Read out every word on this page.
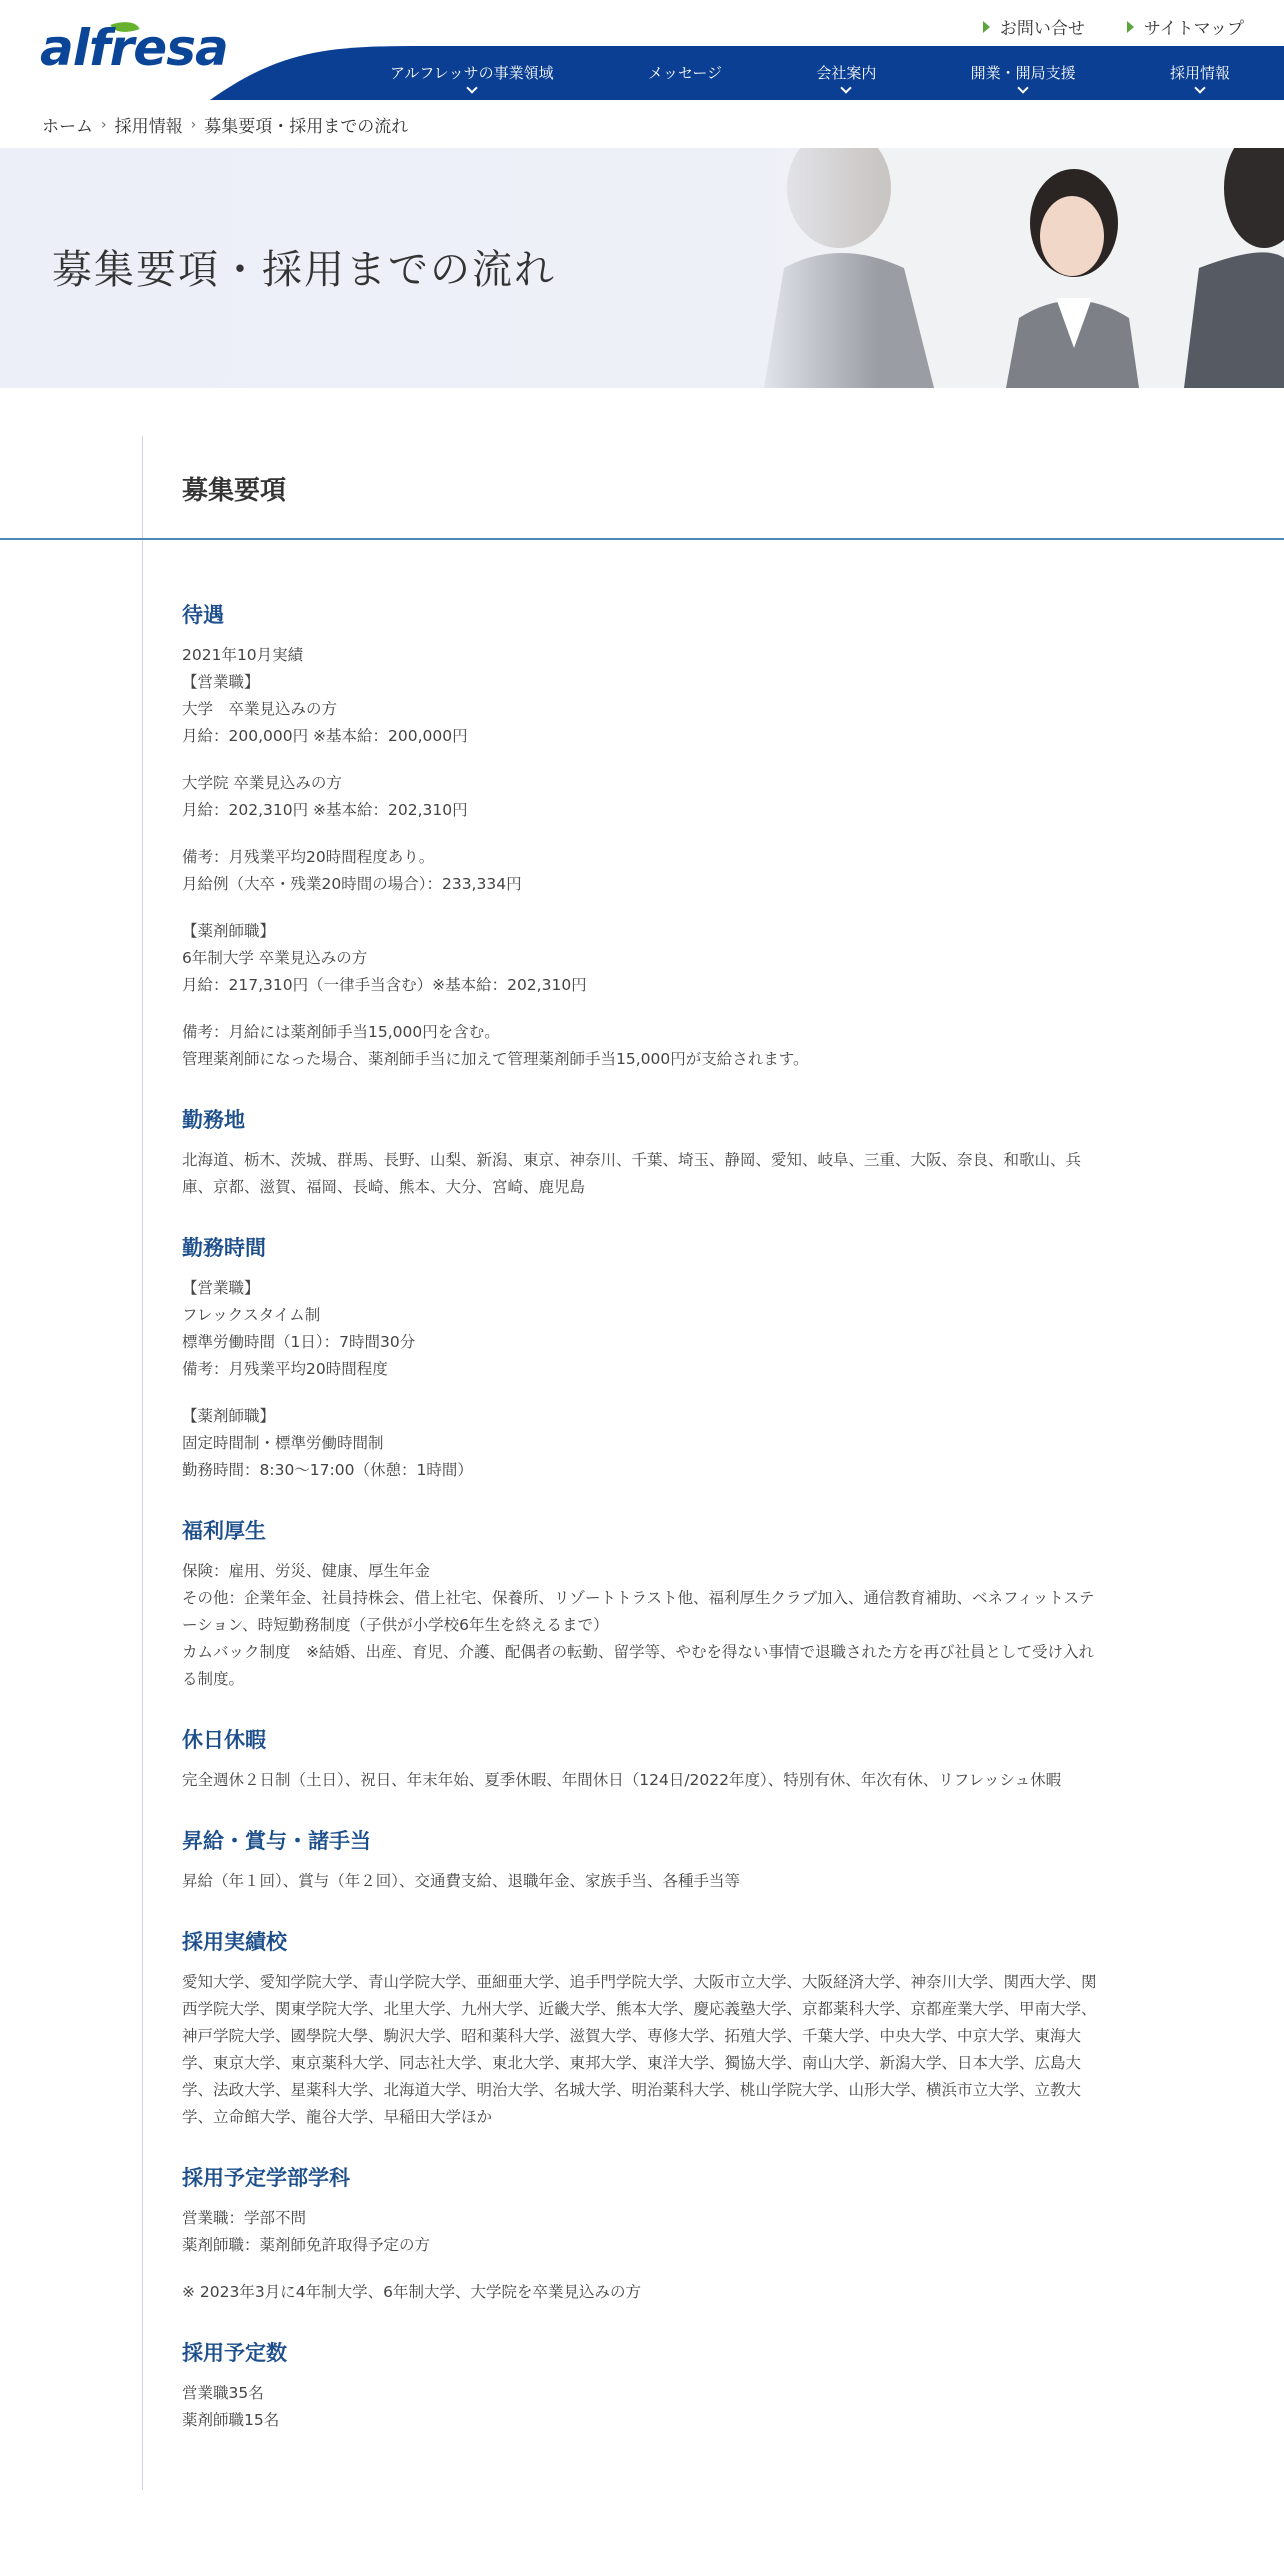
alfresa	お問い合せ	サイトマップ
アルフレッサの事業領域	メッセージ	会社案内	開業・開局支援	採用情報
ホーム › 採用情報 › 募集要項・採用までの流れ
募集要項・採用までの流れ
募集要項
待遇

2021年10月実績
【営業職】
大学　卒業見込みの方
月給：200,000円 ※基本給：200,000円

大学院 卒業見込みの方
月給：202,310円 ※基本給：202,310円

備考：月残業平均20時間程度あり。
月給例（大卒・残業20時間の場合）：233,334円

【薬剤師職】
6年制大学 卒業見込みの方
月給：217,310円（一律手当含む）※基本給：202,310円

備考：月給には薬剤師手当15,000円を含む。
管理薬剤師になった場合、薬剤師手当に加えて管理薬剤師手当15,000円が支給されます。

勤務地

北海道、栃木、茨城、群馬、長野、山梨、新潟、東京、神奈川、千葉、埼玉、静岡、愛知、岐阜、三重、大阪、奈良、和歌山、兵庫、京都、滋賀、福岡、長崎、熊本、大分、宮崎、鹿児島

勤務時間

【営業職】
フレックスタイム制
標準労働時間（1日）：7時間30分
備考：月残業平均20時間程度

【薬剤師職】
固定時間制・標準労働時間制
勤務時間：8:30～17:00（休憩：1時間）

福利厚生

保険：雇用、労災、健康、厚生年金
その他：企業年金、社員持株会、借上社宅、保養所、リゾートトラスト他、福利厚生クラブ加入、通信教育補助、ベネフィットステーション、時短勤務制度（子供が小学校6年生を終えるまで）
カムバック制度　※結婚、出産、育児、介護、配偶者の転勤、留学等、やむを得ない事情で退職された方を再び社員として受け入れる制度。

休日休暇

完全週休２日制（土日）、祝日、年末年始、夏季休暇、年間休日（124日/2022年度）、特別有休、年次有休、リフレッシュ休暇

昇給・賞与・諸手当

昇給（年１回）、賞与（年２回）、交通費支給、退職年金、家族手当、各種手当等

採用実績校

愛知大学、愛知学院大学、青山学院大学、亜細亜大学、追手門学院大学、大阪市立大学、大阪経済大学、神奈川大学、関西大学、関西学院大学、関東学院大学、北里大学、九州大学、近畿大学、熊本大学、慶応義塾大学、京都薬科大学、京都産業大学、甲南大学、神戸学院大学、國學院大學、駒沢大学、昭和薬科大学、滋賀大学、専修大学、拓殖大学、千葉大学、中央大学、中京大学、東海大学、東京大学、東京薬科大学、同志社大学、東北大学、東邦大学、東洋大学、獨協大学、南山大学、新潟大学、日本大学、広島大学、法政大学、星薬科大学、北海道大学、明治大学、名城大学、明治薬科大学、桃山学院大学、山形大学、横浜市立大学、立教大学、立命館大学、龍谷大学、早稲田大学ほか

採用予定学部学科

営業職：学部不問
薬剤師職：薬剤師免許取得予定の方

※ 2023年3月に4年制大学、6年制大学、大学院を卒業見込みの方

採用予定数

営業職35名
薬剤師職15名
